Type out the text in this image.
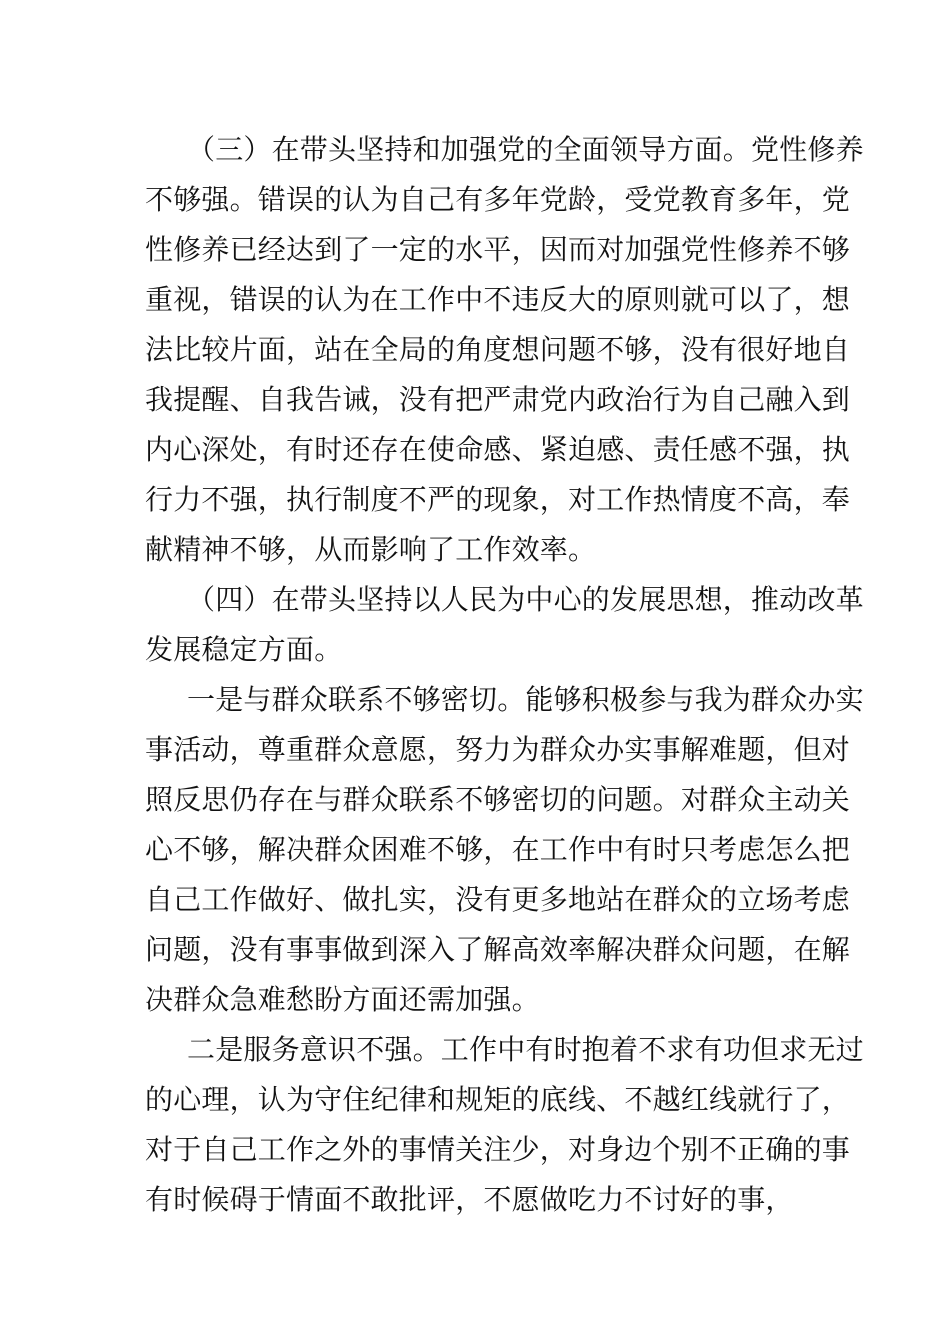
（三）在带头坚持和加强党的全面领导方面。党性修养
不够强。错误的认为自己有多年党龄，受党教育多年，党
性修养已经达到了一定的水平，因而对加强党性修养不够
重视，错误的认为在工作中不违反大的原则就可以了，想
法比较片面，站在全局的角度想问题不够，没有很好地自
我提醒、自我告诫，没有把严肃党内政治行为自己融入到
内心深处，有时还存在使命感、紧迫感、责任感不强，执
行力不强，执行制度不严的现象，对工作热情度不高，奉
献精神不够，从而影响了工作效率。
（四）在带头坚持以人民为中心的发展思想，推动改革
发展稳定方面。
一是与群众联系不够密切。能够积极参与我为群众办实
事活动，尊重群众意愿，努力为群众办实事解难题，但对
照反思仍存在与群众联系不够密切的问题。对群众主动关
心不够，解决群众困难不够，在工作中有时只考虑怎么把
自己工作做好、做扎实，没有更多地站在群众的立场考虑
问题，没有事事做到深入了解高效率解决群众问题，在解
决群众急难愁盼方面还需加强。
二是服务意识不强。工作中有时抱着不求有功但求无过
的心理，认为守住纪律和规矩的底线、不越红线就行了，
对于自己工作之外的事情关注少，对身边个别不正确的事
有时候碍于情面不敢批评，不愿做吃力不讨好的事，
